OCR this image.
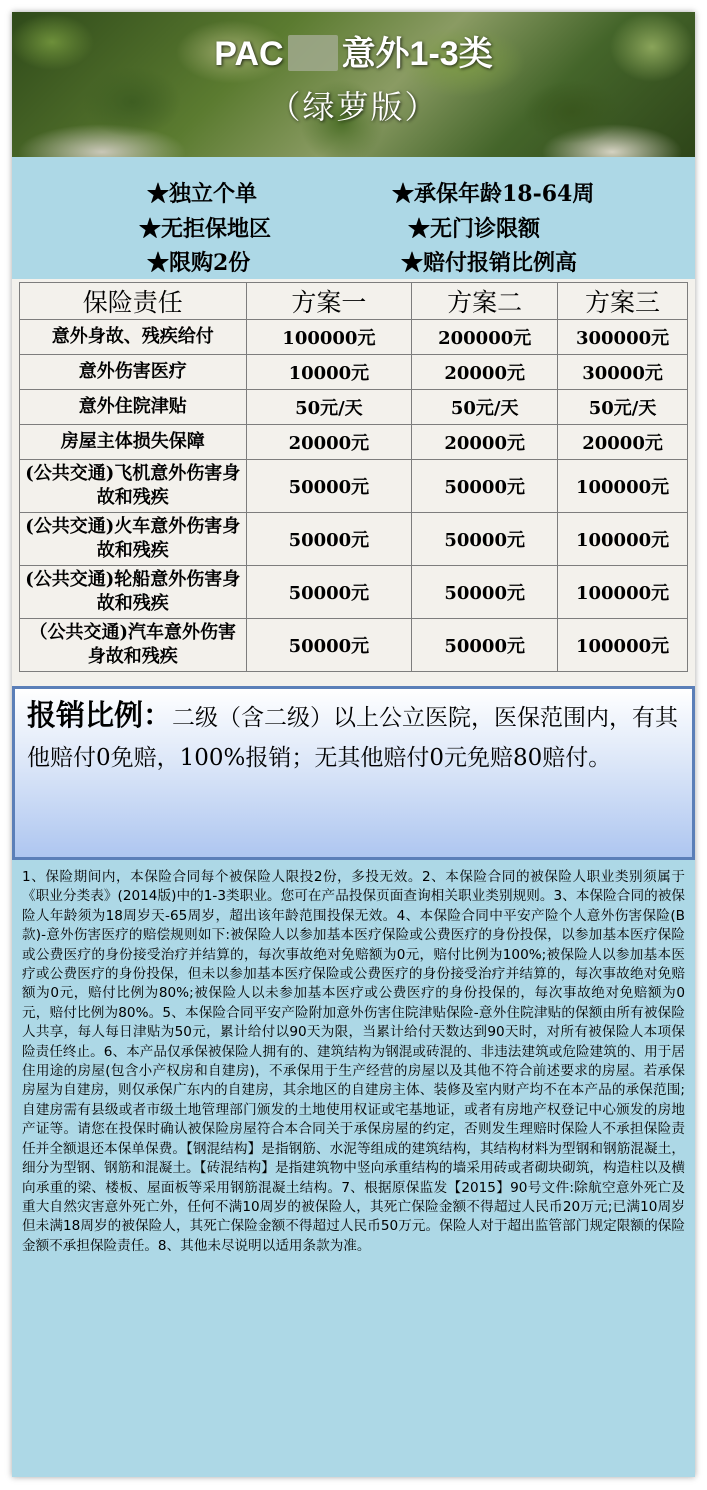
PAC 意外1-3类
（绿萝版）
★独立个单	★承保年龄18-64周
★无拒保地区	★无门诊限额
★限购2份	★赔付报销比例高
保险责任	方案一	方案二	方案三
意外身故、残疾给付	100000元	200000元	300000元
意外伤害医疗	10000元	20000元	30000元
意外住院津贴	50元/天	50元/天	50元/天
房屋主体损失保障	20000元	20000元	20000元
(公共交通)飞机意外伤害身故和残疾	50000元	50000元	100000元
(公共交通)火车意外伤害身故和残疾	50000元	50000元	100000元
(公共交通)轮船意外伤害身故和残疾	50000元	50000元	100000元
（公共交通)汽车意外伤害身故和残疾	50000元	50000元	100000元
报销比例：二级（含二级）以上公立医院，医保范围内，有其他赔付0免赔，100%报销；无其他赔付0元免赔80赔付。
1、保险期间内，本保险合同每个被保险人限投2份，多投无效。2、本保险合同的被保险人职业类别须属于《职业分类表》(2014版)中的1-3类职业。您可在产品投保页面查询相关职业类别规则。3、本保险合同的被保险人年龄须为18周岁天-65周岁，超出该年龄范围投保无效。4、本保险合同中平安产险个人意外伤害保险(B款)-意外伤害医疗的赔偿规则如下:被保险人以参加基本医疗保险或公费医疗的身份投保，以参加基本医疗保险或公费医疗的身份接受治疗并结算的，每次事故绝对免赔额为0元，赔付比例为100%;被保险人以参加基本医疗或公费医疗的身份投保，但未以参加基本医疗保险或公费医疗的身份接受治疗并结算的，每次事故绝对免赔额为0元，赔付比例为80%;被保险人以未参加基本医疗或公费医疗的身份投保的，每次事故绝对免赔额为0元，赔付比例为80%。5、本保险合同平安产险附加意外伤害住院津贴保险-意外住院津贴的保额由所有被保险人共享，每人每日津贴为50元，累计给付以90天为限，当累计给付天数达到90天时，对所有被保险人本项保险责任终止。6、本产品仅承保被保险人拥有的、建筑结构为钢混或砖混的、非违法建筑或危险建筑的、用于居住用途的房屋(包含小产权房和自建房)，不承保用于生产经营的房屋以及其他不符合前述要求的房屋。若承保房屋为自建房，则仅承保广东内的自建房，其余地区的自建房主体、装修及室内财产均不在本产品的承保范围;自建房需有县级或者市级土地管理部门颁发的土地使用权证或宅基地证，或者有房地产权登记中心颁发的房地产证等。请您在投保时确认被保险房屋符合本合同关于承保房屋的约定，否则发生理赔时保险人不承担保险责任并全额退还本保单保费。【钢混结构】是指钢筋、水泥等组成的建筑结构，其结构材料为型钢和钢筋混凝土，细分为型钢、钢筋和混凝土。【砖混结构】是指建筑物中竖向承重结构的墙采用砖或者砌块砌筑，构造柱以及横向承重的梁、楼板、屋面板等采用钢筋混凝土结构。7、根据原保监发【2015】90号文件:除航空意外死亡及重大自然灾害意外死亡外，任何不满10周岁的被保险人，其死亡保险金额不得超过人民币20万元;已满10周岁但未满18周岁的被保险人，其死亡保险金额不得超过人民币50万元。保险人对于超出监管部门规定限额的保险金额不承担保险责任。8、其他未尽说明以适用条款为准。
